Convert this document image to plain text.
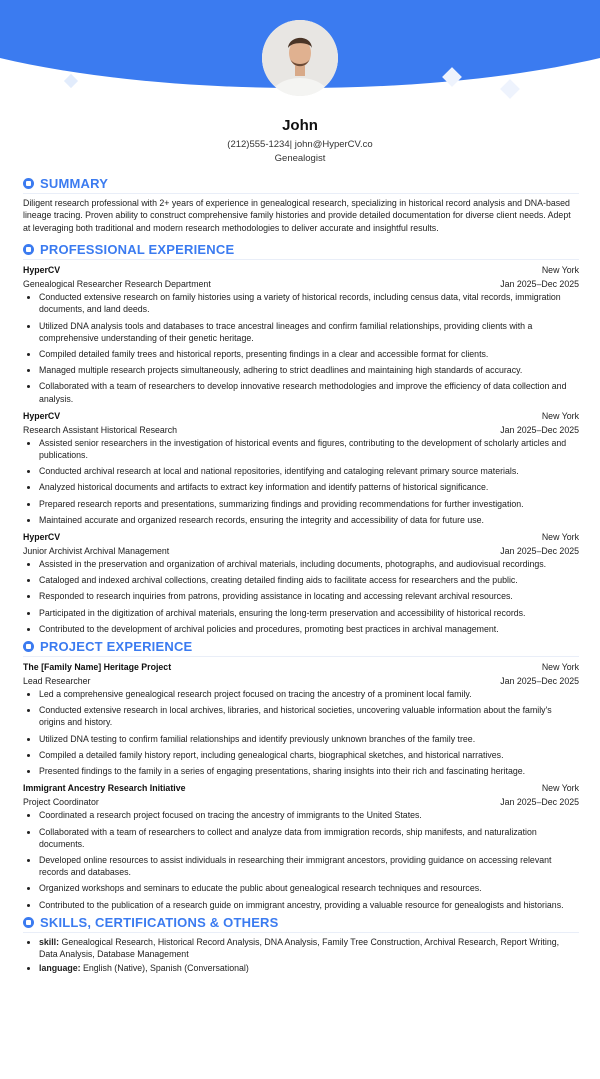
John
(212)555-1234| john@HyperCV.co
Genealogist
SUMMARY
Diligent research professional with 2+ years of experience in genealogical research, specializing in historical record analysis and DNA-based lineage tracing. Proven ability to construct comprehensive family histories and provide detailed documentation for diverse client needs. Adept at leveraging both traditional and modern research methodologies to deliver accurate and insightful results.
PROFESSIONAL EXPERIENCE
HyperCV	New York
Genealogical Researcher Research Department	Jan 2025–Dec 2025
• Conducted extensive research on family histories using a variety of historical records, including census data, vital records, immigration documents, and land deeds.
• Utilized DNA analysis tools and databases to trace ancestral lineages and confirm familial relationships, providing clients with a comprehensive understanding of their genetic heritage.
• Compiled detailed family trees and historical reports, presenting findings in a clear and accessible format for clients.
• Managed multiple research projects simultaneously, adhering to strict deadlines and maintaining high standards of accuracy.
• Collaborated with a team of researchers to develop innovative research methodologies and improve the efficiency of data collection and analysis.
HyperCV	New York
Research Assistant Historical Research	Jan 2025–Dec 2025
• Assisted senior researchers in the investigation of historical events and figures, contributing to the development of scholarly articles and publications.
• Conducted archival research at local and national repositories, identifying and cataloging relevant primary source materials.
• Analyzed historical documents and artifacts to extract key information and identify patterns of historical significance.
• Prepared research reports and presentations, summarizing findings and providing recommendations for further investigation.
• Maintained accurate and organized research records, ensuring the integrity and accessibility of data for future use.
HyperCV	New York
Junior Archivist Archival Management	Jan 2025–Dec 2025
• Assisted in the preservation and organization of archival materials, including documents, photographs, and audiovisual recordings.
• Cataloged and indexed archival collections, creating detailed finding aids to facilitate access for researchers and the public.
• Responded to research inquiries from patrons, providing assistance in locating and accessing relevant archival resources.
• Participated in the digitization of archival materials, ensuring the long-term preservation and accessibility of historical records.
• Contributed to the development of archival policies and procedures, promoting best practices in archival management.
PROJECT EXPERIENCE
The [Family Name] Heritage Project	New York
Lead Researcher	Jan 2025–Dec 2025
• Led a comprehensive genealogical research project focused on tracing the ancestry of a prominent local family.
• Conducted extensive research in local archives, libraries, and historical societies, uncovering valuable information about the family's origins and history.
• Utilized DNA testing to confirm familial relationships and identify previously unknown branches of the family tree.
• Compiled a detailed family history report, including genealogical charts, biographical sketches, and historical narratives.
• Presented findings to the family in a series of engaging presentations, sharing insights into their rich and fascinating heritage.
Immigrant Ancestry Research Initiative	New York
Project Coordinator	Jan 2025–Dec 2025
• Coordinated a research project focused on tracing the ancestry of immigrants to the United States.
• Collaborated with a team of researchers to collect and analyze data from immigration records, ship manifests, and naturalization documents.
• Developed online resources to assist individuals in researching their immigrant ancestors, providing guidance on accessing relevant records and databases.
• Organized workshops and seminars to educate the public about genealogical research techniques and resources.
• Contributed to the publication of a research guide on immigrant ancestry, providing a valuable resource for genealogists and historians.
SKILLS, CERTIFICATIONS & OTHERS
• skill: Genealogical Research, Historical Record Analysis, DNA Analysis, Family Tree Construction, Archival Research, Report Writing, Data Analysis, Database Management
• language: English (Native), Spanish (Conversational)
